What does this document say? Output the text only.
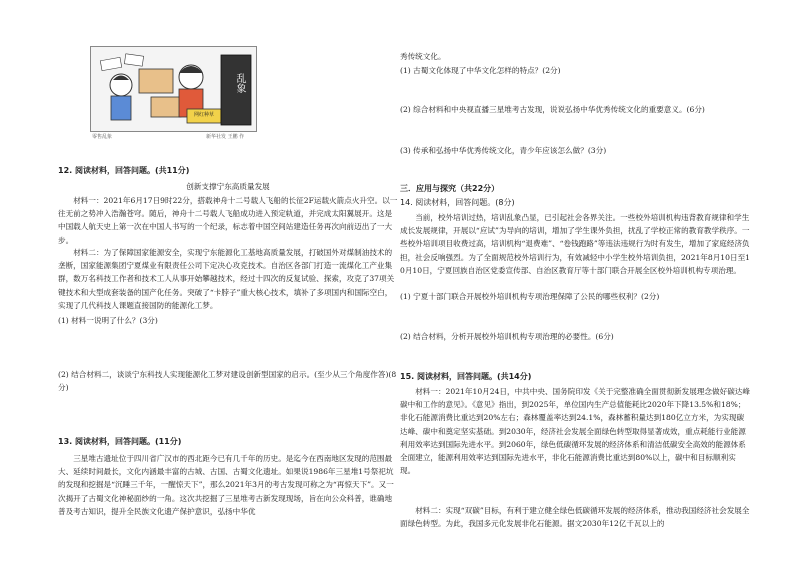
乱象
网红种草
零售乱象	新华社发 王鹏 作
12. 阅读材料，回答问题。(共11分)
创新支撑宁东高质量发展
材料一：2021年6月17日9时22分，搭载神舟十二号载人飞船的长征2F运载火箭点火升空。以一往无前之势冲入浩瀚苍穹。随后，神舟十二号载人飞船成功进入预定轨道，并完成太阳翼展开。这是中国载人航天史上第一次在中国人书写的一个纪录，标志着中国空间站建造任务再次向前迈出了一大步。
材料二：为了保障国家能源安全，实现宁东能源化工基地高质量发展，打破国外对煤制油技术的垄断，国家能源集团宁夏煤业有限责任公司下定决心攻克技术。自治区各部门打造一流煤化工产业集群，数万名科技工作者和技术工人从事开始攀越技术，经过十四次的反复试验、探索，攻克了37项关键技术和大型成套装备的国产化任务。突破了“卡脖子”重大核心技术，填补了多项国内和国际空白，实现了几代科技人课题直接国防的能源化工梦。
(1) 材料一说明了什么？(3分)
(2) 结合材料二，谈谈宁东科技人实现能源化工梦对建设创新型国家的启示。(至少从三个角度作答)(8分)
13. 阅读材料，回答问题。(11分)
三星堆古遗址位于四川省广汉市的西北距今已有几千年的历史。是迄今在西南地区发现的范围最大、延续时间最长，文化内涵最丰富的古城、古国、古蜀文化遗址。如果说1986年三星堆1号祭祀坑的发现和挖掘是“沉睡三千年，一醒惊天下”，那么2021年3月的考古发现可称之为“再惊天下”。又一次揭开了古蜀文化神秘面纱的一角。这次共挖掘了三星堆考古新发现现场，旨在向公众科普，谁确地普及考古知识，提升全民族文化遗产保护意识，弘扬中华优
秀传统文化。
(1) 古蜀文化体现了中华文化怎样的特点？(2分)
(2) 综合材料和中央视直播三星堆考古发现，说说弘扬中华优秀传统文化的重要意义。(6分)
(3) 传承和弘扬中华优秀传统文化，青少年应该怎么做？(3分)
三．应用与探究（共22分）
14. 阅读材料，回答问题。(8分)
当前，校外培训过热，培训乱象凸显，已引起社会各界关注。一些校外培训机构违背教育规律和学生成长发展规律，开展以“应试”为导向的培训，增加了学生课外负担，扰乱了学校正常的教育教学秩序。一些校外培训项目收费过高，培训机构“退费难”、“卷钱跑路”等违法违规行为时有发生，增加了家庭经济负担，社会反响强烈。为了全面规范校外培训行为，有效减轻中小学生校外培训负担，2021年8月10日至10月10日，宁夏回族自治区党委宣传部、自治区教育厅等十部门联合开展全区校外培训机构专项治理。
(1) 宁夏十部门联合开展校外培训机构专项治理保障了公民的哪些权利？(2分)
(2) 结合材料，分析开展校外培训机构专项治理的必要性。(6分)
15. 阅读材料，回答问题。(共14分)
材料一：2021年10月24日，中共中央、国务院印发《关于完整准确全面贯彻新发展理念做好碳达峰碳中和工作的意见》。《意见》指出，到2025年，单位国内生产总值能耗比2020年下降13.5%和18%；非化石能源消费比重达到20%左右；森林覆盖率达到24.1%，森林蓄积量达到180亿立方米，为实现碳达峰、碳中和奠定坚实基础。到2030年，经济社会发展全面绿色转型取得显著成效，重点耗能行业能源利用效率达到国际先进水平。到2060年，绿色低碳循环发展的经济体系和清洁低碳安全高效的能源体系全面建立，能源利用效率达到国际先进水平，非化石能源消费比重达到80%以上，碳中和目标顺利实现。
材料二：实现“双碳”目标，有利于建立健全绿色低碳循环发展的经济体系，推动我国经济社会发展全面绿色转型。为此，我国多元化发展非化石能源。据文2030年12亿千瓦以上的
